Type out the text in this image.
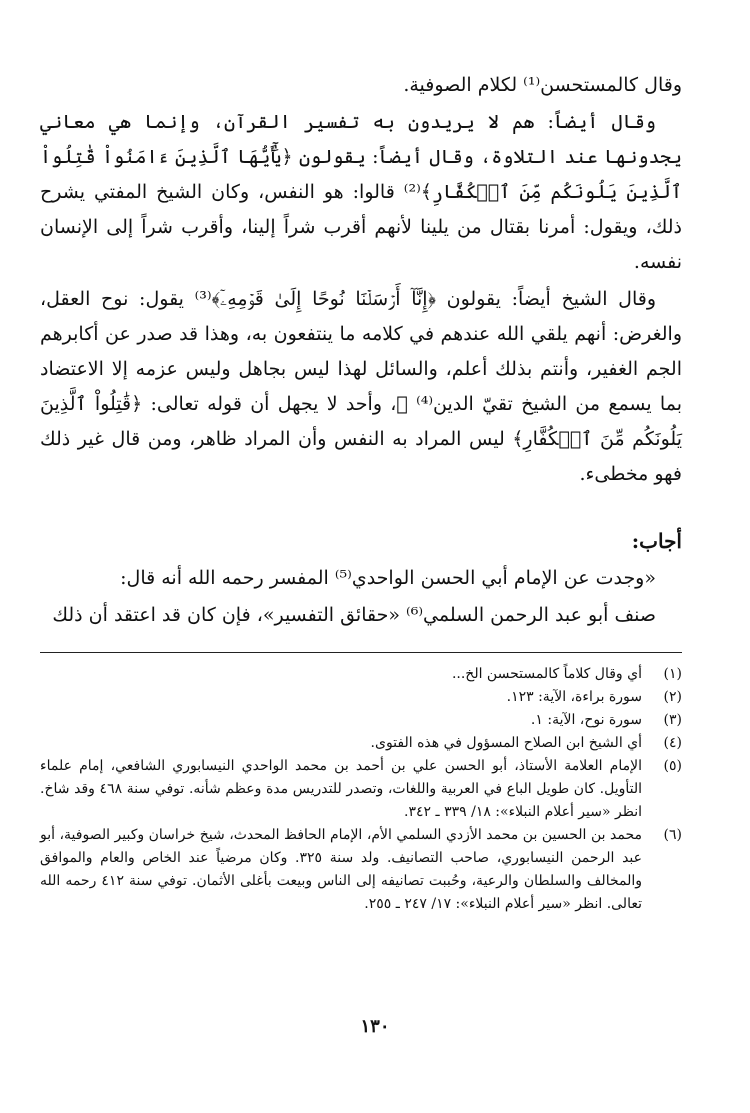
وقال كالمستحسن⁽¹⁾ لكلام الصوفية.

وقال أيضاً: هم لا يريدون به تفسير القرآن، وإنما هي معاني يجدونها عند التلاوة، وقال أيضاً: يقولون ﴿يَٰٓأَيُّهَا ٱلَّذِينَ ءَامَنُواْ قَٰتِلُواْ ٱلَّذِينَ يَلُونَكُم مِّنَ ٱلۡكُفَّارِ﴾⁽²⁾ قالوا: هو النفس، وكان الشيخ المفتي يشرح ذلك، ويقول: أمرنا بقتال من يلينا لأنهم أقرب شراً إلينا، وأقرب شراً إلى الإنسان نفسه.

وقال الشيخ أيضاً: يقولون ﴿إِنَّآ أَرۡسَلۡنَا نُوحًا إِلَىٰ قَوۡمِهِۦٓ﴾⁽³⁾ يقول: نوح العقل، والغرض: أنهم يلقي الله عندهم في كلامه ما ينتفعون به، وهذا قد صدر عن أكابرهم الجم الغفير، وأنتم بذلك أعلم، والسائل لهذا ليس بجاهل وليس عزمه إلا الاعتضاد بما يسمع من الشيخ تقيّ الدين⁽⁴⁾ ﷺ، وأحد لا يجهل أن قوله تعالى: ﴿قَٰتِلُواْ ٱلَّذِينَ يَلُونَكُم مِّنَ ٱلۡكُفَّارِ﴾ ليس المراد به النفس وأن المراد ظاهر، ومن قال غير ذلك فهو مخطىء.

أجاب:

«وجدت عن الإمام أبي الحسن الواحدي⁽⁵⁾ المفسر رحمه الله أنه قال:

صنف أبو عبد الرحمن السلمي⁽⁶⁾ «حقائق التفسير»، فإن كان قد اعتقد أن ذلك

(١)
أي وقال كلاماً كالمستحسن الخ...
(٢)
سورة براءة، الآية: ١٢٣.
(٣)
سورة نوح، الآية: ١.
(٤)
أي الشيخ ابن الصلاح المسؤول في هذه الفتوى.
(٥)
الإمام العلامة الأستاذ، أبو الحسن علي بن أحمد بن محمد الواحدي النيسابوري الشافعي، إمام علماء التأويل. كان طويل الباع في العربية واللغات، وتصدر للتدريس مدة وعظم شأنه. توفي سنة ٤٦٨ وقد شاخ. انظر «سير أعلام النبلاء»: ١٨/ ٣٣٩ ـ ٣٤٢.
(٦)
محمد بن الحسين بن محمد الأزدي السلمي الأم، الإمام الحافظ المحدث، شيخ خراسان وكبير الصوفية، أبو عبد الرحمن النيسابوري، صاحب التصانيف. ولد سنة ٣٢٥. وكان مرضياً عند الخاص والعام والموافق والمخالف والسلطان والرعية، وحُببت تصانيفه إلى الناس وبيعت بأغلى الأثمان. توفي سنة ٤١٢ رحمه الله تعالى. انظر «سير أعلام النبلاء»: ١٧/ ٢٤٧ ـ ٢٥٥.
١٣٠
